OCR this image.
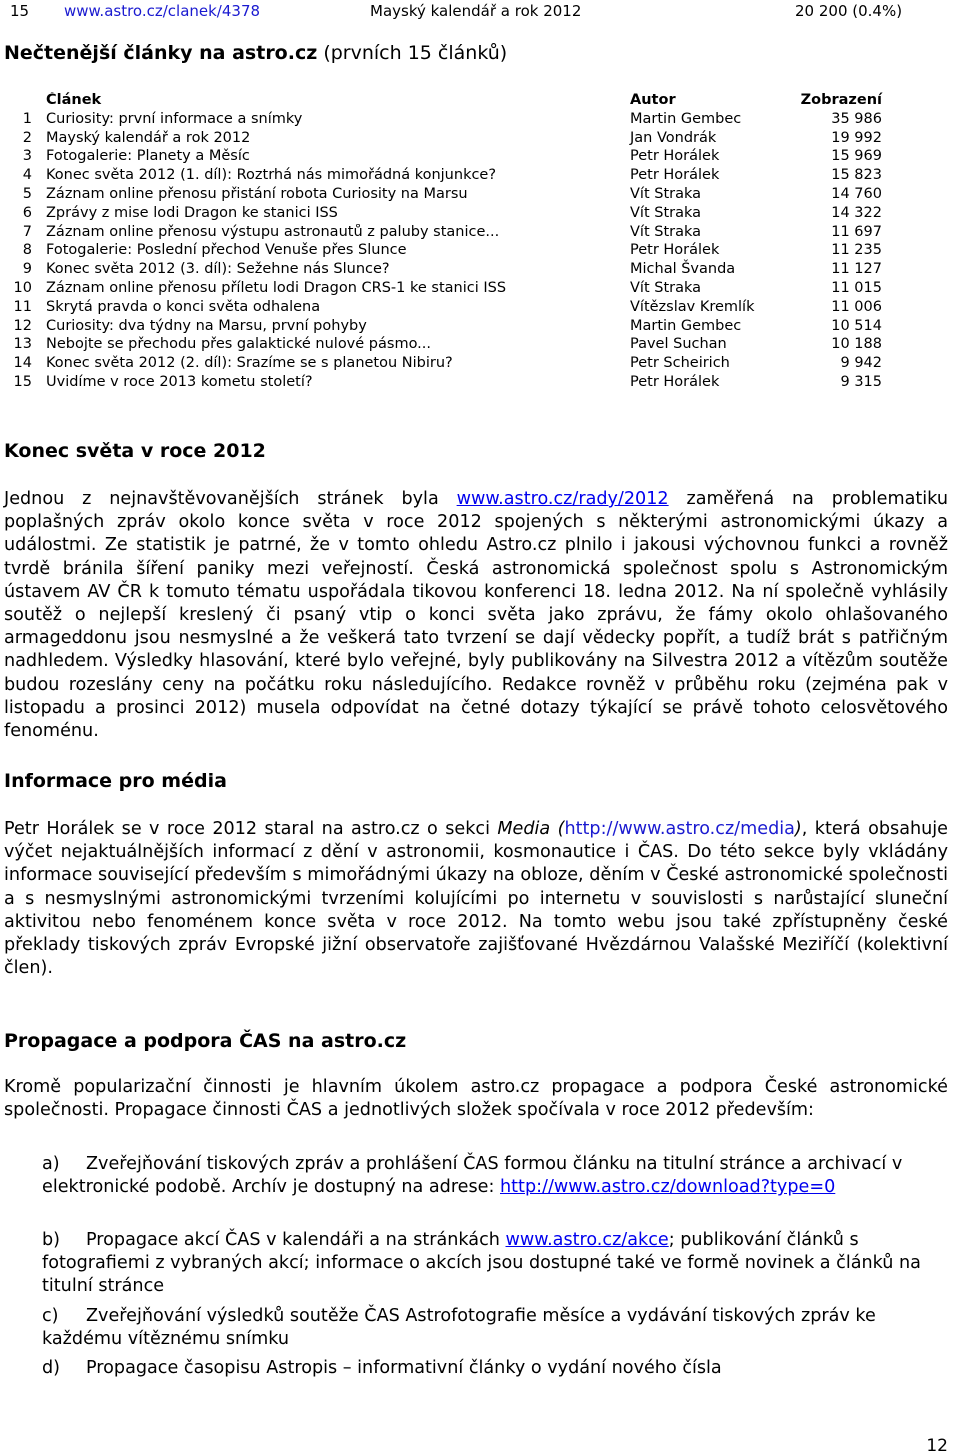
15 www.astro.cz/clanek/4378	Mayský kalendář a rok 2012	20 200 (0.4%)
Nečtenější články na astro.cz (prvních 15 článků)
Článek	Autor	Zobrazení
1 Curiosity: první informace a snímky	Martin Gembec	35 986
2 Mayský kalendář a rok 2012	Jan Vondrák	19 992
3 Fotogalerie: Planety a Měsíc	Petr Horálek	15 969
4 Konec světa 2012 (1. díl): Roztrhá nás mimořádná konjunkce?	Petr Horálek	15 823
5 Záznam online přenosu přistání robota Curiosity na Marsu	Vít Straka	14 760
6 Zprávy z mise lodi Dragon ke stanici ISS	Vít Straka	14 322
7 Záznam online přenosu výstupu astronautů z paluby stanice...	Vít Straka	11 697
8 Fotogalerie: Poslední přechod Venuše přes Slunce	Petr Horálek	11 235
9 Konec světa 2012 (3. díl): Sežehne nás Slunce?	Michal Švanda	11 127
10 Záznam online přenosu příletu lodi Dragon CRS-1 ke stanici ISS	Vít Straka	11 015
11 Skrytá pravda o konci světa odhalena	Vítězslav Kremlík	11 006
12 Curiosity: dva týdny na Marsu, první pohyby	Martin Gembec	10 514
13 Nebojte se přechodu přes galaktické nulové pásmo...	Pavel Suchan	10 188
14 Konec světa 2012 (2. díl): Srazíme se s planetou Nibiru?	Petr Scheirich	9 942
15 Uvidíme v roce 2013 kometu století?	Petr Horálek	9 315
Konec světa v roce 2012

Jednou z nejnavštěvovanějších stránek byla www.astro.cz/rady/2012 zaměřená na problematiku poplašných zpráv okolo konce světa v roce 2012 spojených s některými astronomickými úkazy a událostmi. Ze statistik je patrné, že v tomto ohledu Astro.cz plnilo i jakousi výchovnou funkci a rovněž tvrdě bránila šíření paniky mezi veřejností. Česká astronomická společnost spolu s Astronomickým ústavem AV ČR k tomuto tématu uspořádala tikovou konferenci 18. ledna 2012. Na ní společně vyhlásily soutěž o nejlepší kreslený či psaný vtip o konci světa jako zprávu, že fámy okolo ohlašovaného armageddonu jsou nesmyslné a že veškerá tato tvrzení se dají vědecky popřít, a tudíž brát s patřičným nadhledem. Výsledky hlasování, které bylo veřejné, byly publikovány na Silvestra 2012 a vítězům soutěže budou rozeslány ceny na počátku roku následujícího. Redakce rovněž v průběhu roku (zejména pak v listopadu a prosinci 2012) musela odpovídat na četné dotazy týkající se právě tohoto celosvětového fenoménu.

Informace pro média

Petr Horálek se v roce 2012 staral na astro.cz o sekci Media (http://www.astro.cz/media), která obsahuje výčet nejaktuálnějších informací z dění v astronomii, kosmonautice i ČAS. Do této sekce byly vkládány informace související především s mimořádnými úkazy na obloze, děním v České astronomické společnosti a s nesmyslnými astronomickými tvrzeními kolujícími po internetu v souvislosti s narůstající sluneční aktivitou nebo fenoménem konce světa v roce 2012. Na tomto webu jsou také zpřístupněny české překlady tiskových zpráv Evropské jižní observatoře zajišťované Hvězdárnou Valašské Meziříčí (kolektivní člen).

Propagace a podpora ČAS na astro.cz

Kromě popularizační činnosti je hlavním úkolem astro.cz propagace a podpora České astronomické společnosti. Propagace činnosti ČAS a jednotlivých složek spočívala v roce 2012 především:

a) Zveřejňování tiskových zpráv a prohlášení ČAS formou článku na titulní stránce a archivací v elektronické podobě. Archív je dostupný na adrese: http://www.astro.cz/download?type=0

b) Propagace akcí ČAS v kalendáři a na stránkách www.astro.cz/akce; publikování článků s fotografiemi z vybraných akcí; informace o akcích jsou dostupné také ve formě novinek a článků na titulní stránce

c) Zveřejňování výsledků soutěže ČAS Astrofotografie měsíce a vydávání tiskových zpráv ke každému vítěznému snímku

d) Propagace časopisu Astropis – informativní články o vydání nového čísla

12
